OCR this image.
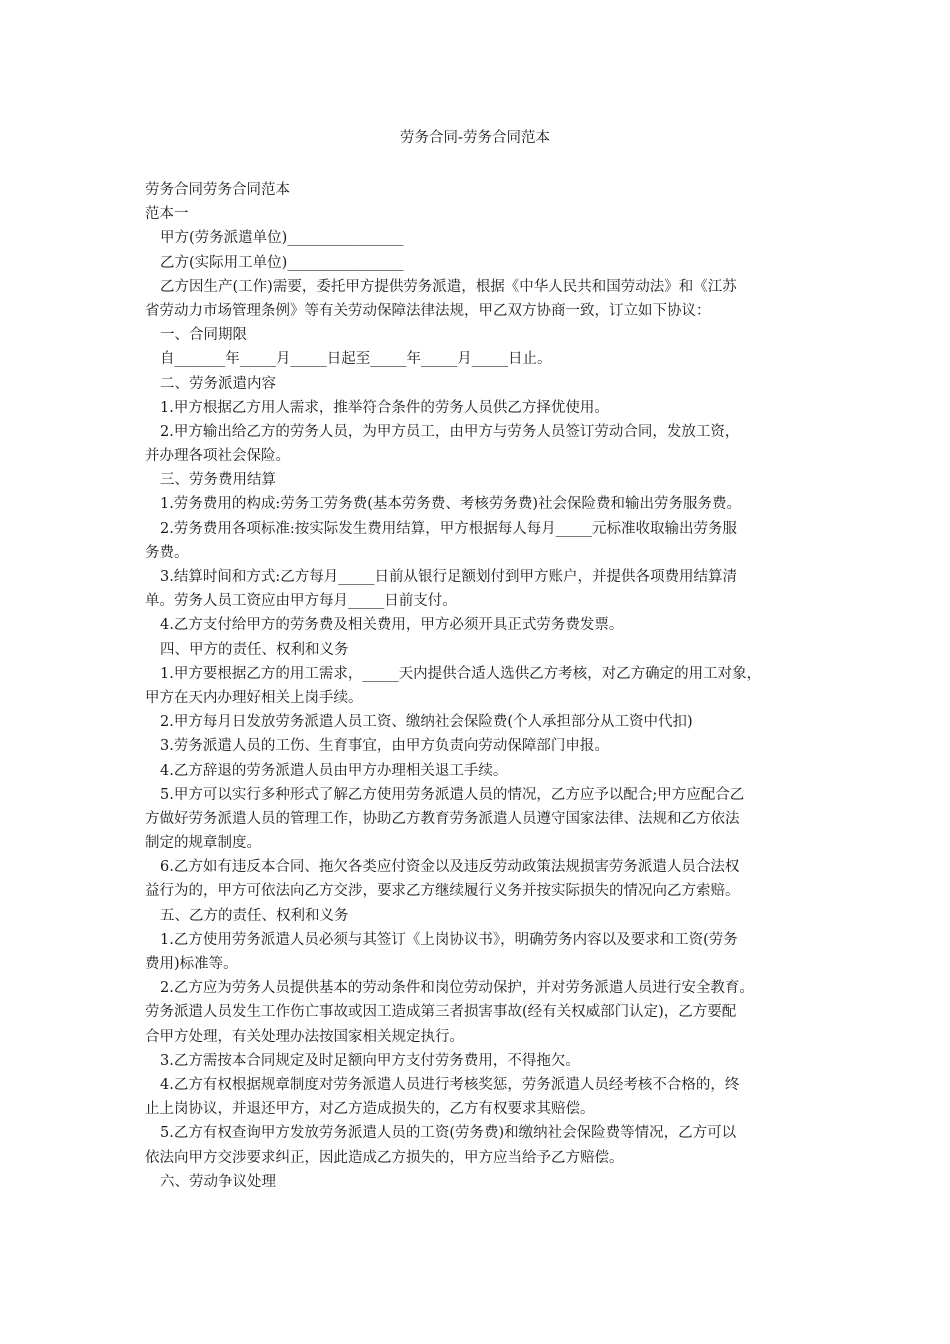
劳务合同-劳务合同范本
劳务合同劳务合同范本
范本一
甲方(劳务派遣单位)________________
乙方(实际用工单位)________________
乙方因生产(工作)需要，委托甲方提供劳务派遣，根据《中华人民共和国劳动法》和《江苏
省劳动力市场管理条例》等有关劳动保障法律法规，甲乙双方协商一致，订立如下协议：
一、合同期限
自_______年_____月_____日起至_____年_____月_____日止。
二、劳务派遣内容
1.甲方根据乙方用人需求，推举符合条件的劳务人员供乙方择优使用。
2.甲方输出给乙方的劳务人员，为甲方员工，由甲方与劳务人员签订劳动合同，发放工资，
并办理各项社会保险。
三、劳务费用结算
1.劳务费用的构成:劳务工劳务费(基本劳务费、考核劳务费)社会保险费和输出劳务服务费。
2.劳务费用各项标准:按实际发生费用结算，甲方根据每人每月_____元标准收取输出劳务服
务费。
3.结算时间和方式:乙方每月_____日前从银行足额划付到甲方账户，并提供各项费用结算清
单。劳务人员工资应由甲方每月_____日前支付。
4.乙方支付给甲方的劳务费及相关费用，甲方必须开具正式劳务费发票。
四、甲方的责任、权利和义务
1.甲方要根据乙方的用工需求，_____天内提供合适人选供乙方考核，对乙方确定的用工对象，
甲方在天内办理好相关上岗手续。
2.甲方每月日发放劳务派遣人员工资、缴纳社会保险费(个人承担部分从工资中代扣)
3.劳务派遣人员的工伤、生育事宜，由甲方负责向劳动保障部门申报。
4.乙方辞退的劳务派遣人员由甲方办理相关退工手续。
5.甲方可以实行多种形式了解乙方使用劳务派遣人员的情况，乙方应予以配合;甲方应配合乙
方做好劳务派遣人员的管理工作，协助乙方教育劳务派遣人员遵守国家法律、法规和乙方依法
制定的规章制度。
6.乙方如有违反本合同、拖欠各类应付资金以及违反劳动政策法规损害劳务派遣人员合法权
益行为的，甲方可依法向乙方交涉，要求乙方继续履行义务并按实际损失的情况向乙方索赔。
五、乙方的责任、权利和义务
1.乙方使用劳务派遣人员必须与其签订《上岗协议书》，明确劳务内容以及要求和工资(劳务
费用)标准等。
2.乙方应为劳务人员提供基本的劳动条件和岗位劳动保护，并对劳务派遣人员进行安全教育。
劳务派遣人员发生工作伤亡事故或因工造成第三者损害事故(经有关权威部门认定)，乙方要配
合甲方处理，有关处理办法按国家相关规定执行。
3.乙方需按本合同规定及时足额向甲方支付劳务费用，不得拖欠。
4.乙方有权根据规章制度对劳务派遣人员进行考核奖惩，劳务派遣人员经考核不合格的，终
止上岗协议，并退还甲方，对乙方造成损失的，乙方有权要求其赔偿。
5.乙方有权查询甲方发放劳务派遣人员的工资(劳务费)和缴纳社会保险费等情况，乙方可以
依法向甲方交涉要求纠正，因此造成乙方损失的，甲方应当给予乙方赔偿。
六、劳动争议处理
